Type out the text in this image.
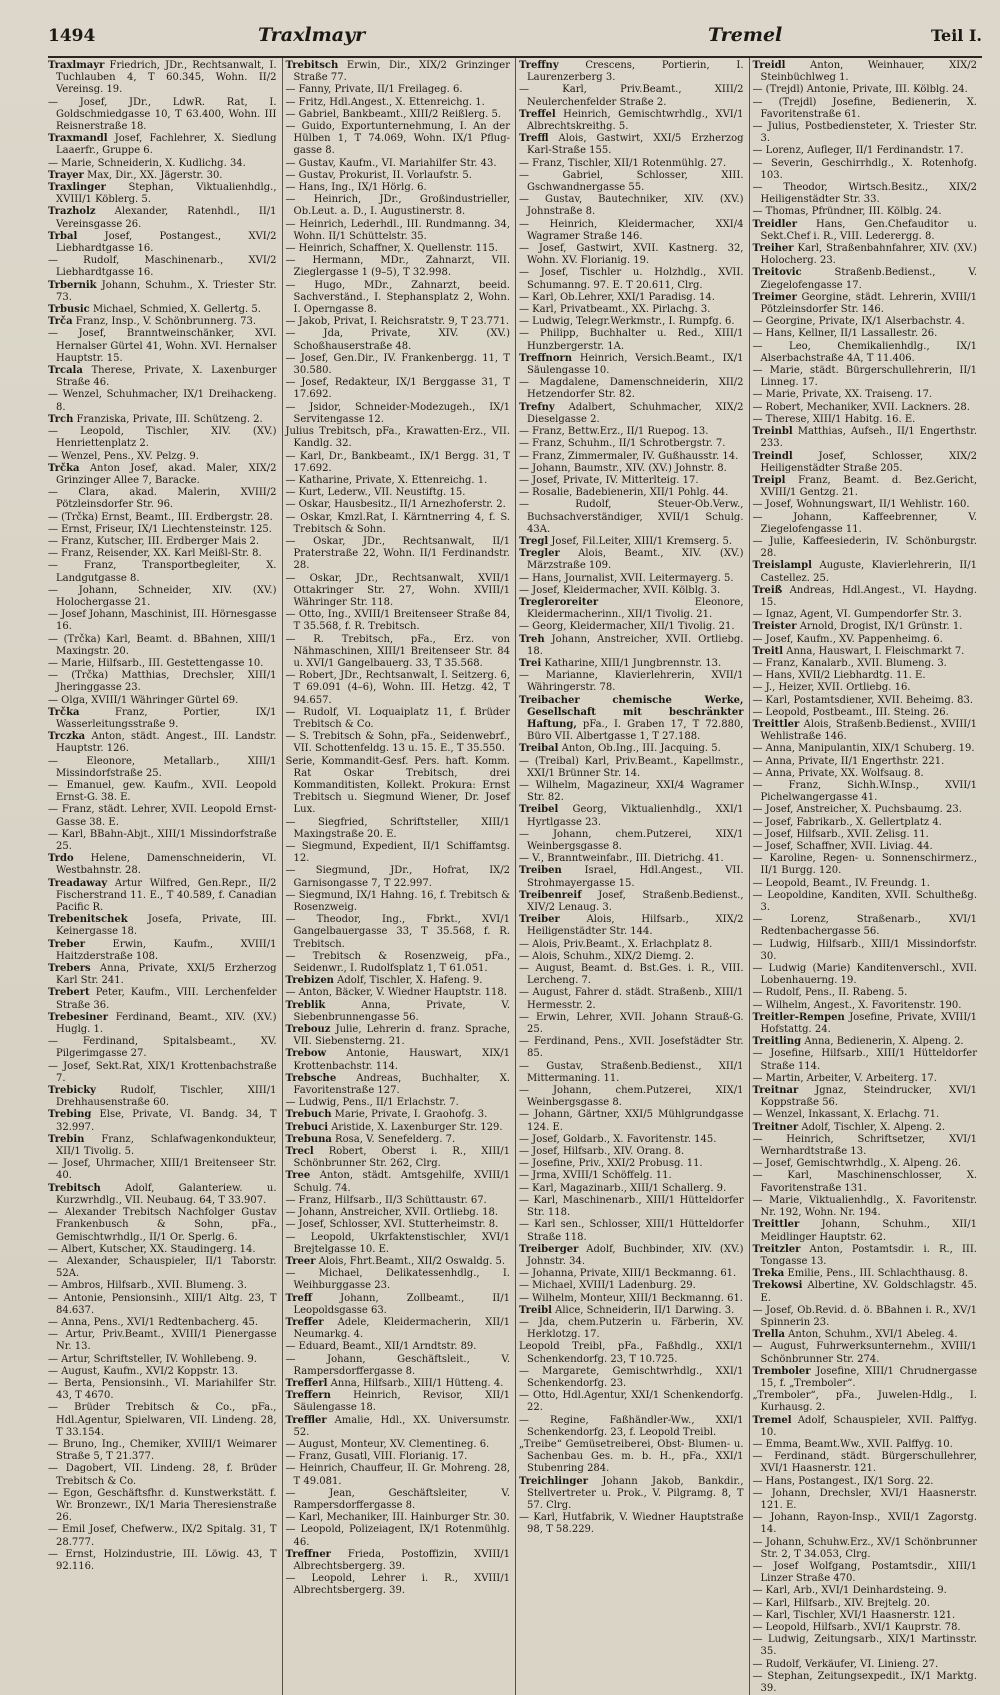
1494	Traxlmayr	Tremel	Teil I.
Traxlmayr Friedrich, JDr., Rechtsanwalt, I. Tuchlauben 4, T 60.345, Wohn. II/2 Vereinsg. 19.
— Josef, JDr., LdwR. Rat, I. Goldschmiedgasse 10, T 63.400, Wohn. III Reisnerstraße 18.
Traxmandl Josef, Fachlehrer, X. Siedlung Laaerfr., Gruppe 6.
— Marie, Schneiderin, X. Kudlichg. 34.
Trayer Max, Dir., XX. Jägerstr. 30.
Traxlinger Stephan, Viktualienhdlg., XVIII/1 Köblerg. 5.
Trazholz Alexander, Ratenhdl., II/1 Vereinsgasse 26.
Trbal	Josef, Postangest., XVI/2 Liebhardtgasse 16.
— Rudolf, Maschinenarb., XVI/2 Liebhardtgasse 16.
Trbernik Johann, Schuhm., X. Triester Str. 73.
Trbusic Michael, Schmied, X. Gellertg. 5.
Trča Franz, Insp., V. Schönbrunnerg. 73.
— Josef, Branntweinschänker, XVI. Hernalser Gürtel 41, Wohn. XVI. Hernalser Hauptstr. 15.
Trcala Therese, Private, X. Laxenburger Straße 46.
— Wenzel, Schuhmacher, IX/1 Dreihackeng. 8.
Trch Franziska, Private, III. Schützeng. 2.
— Leopold, Tischler, XIV. (XV.) Henriettenplatz 2.
— Wenzel, Pens., XV. Pelzg. 9.
Trčka Anton Josef, akad. Maler, XIX/2 Grinzinger Allee 7, Baracke.
— Clara, akad. Malerin, XVIII/2 Pötzleinsdorfer Str. 96.
— (Trčka) Ernst, Beamt., III. Erdbergstr. 28.
— Ernst, Friseur, IX/1 Liechtensteinstr. 125.
— Franz, Kutscher, III. Erdberger Mais 2.
— Franz, Reisender, XX. Karl Meißl-Str. 8.
— Franz, Transportbegleiter, X. Landgutgasse 8.
— Johann, Schneider, XIV. (XV.) Holochergasse 21.
— Josef Johann, Maschinist, III. Hörnesgasse 16.
— (Trčka) Karl, Beamt. d. BBahnen, XIII/1 Maxingstr. 20.
— Marie, Hilfsarb., III. Gestettengasse 10.
— (Trčka) Matthias, Drechsler, XIII/1 Jheringgasse 23.
— Olga, XVIII/1 Währinger Gürtel 69.
Trčka	Franz, Portier, IX/1 Wasserleitungsstraße 9.
Trczka Anton, städt. Angest., III. Landstr. Hauptstr. 126.
— Eleonore, Metallarb., XIII/1 Missindorfstraße 25.
— Emanuel, gew. Kaufm., XVII. Leopold Ernst-G. 38. E.
— Franz, städt. Lehrer, XVII. Leopold Ernst-Gasse 38. E.
— Karl, BBahn-Abjt., XIII/1 Missindorfstraße 25.
Trdo Helene, Damenschneiderin, VI. Westbahnstr. 28.
Treadaway Artur Wilfred, Gen.Repr., II/2 Fischerstrand 11. E., T 40.589, f. Canadian Pacific R.
Trebenitschek Josefa, Private, III. Keinergasse 18.
Treber	Erwin, Kaufm., XVIII/1 Haitzderstraße 108.
Trebers Anna, Private, XXI/5 Erzherzog Karl Str. 241.
Trebert Peter, Kaufm., VIII. Lerchenfelder Straße 36.
Trebesiner Ferdinand, Beamt., XIV. (XV.) Huglg. 1.
— Ferdinand, Spitalsbeamt., XV. Pilgerimgasse 27.
— Josef, Sekt.Rat, XIX/1 Krottenbachstraße 7.
Trebicky Rudolf, Tischler, XIII/1 Drehhausenstraße 60.
Trebing Else, Private, VI. Bandg. 34, T 32.997.
Trebin Franz, Schlafwagenkondukteur, XII/1 Tivolig. 5.
— Josef, Uhrmacher, XIII/1 Breitenseer Str. 40.
Trebitsch Adolf, Galanteriew. u. Kurzwrhdlg., VII. Neubaug. 64, T 33.907.
— Alexander Trebitsch Nachfolger Gustav Frankenbusch & Sohn, pFa., Gemischtwrhdlg., II/1 Or. Sperlg. 6.
— Albert, Kutscher, XX. Staudingerg. 14.
— Alexander, Schauspieler, II/1 Taborstr. 52A.
— Ambros, Hilfsarb., XVII. Blumeng. 3.
— Antonie, Pensionsinh., XIII/1 Altg. 23, T 84.637.
— Anna, Pens., XVI/1 Redtenbacherg. 45.
— Artur, Priv.Beamt., XVIII/1 Pienergasse Nr. 13.
— Artur, Schriftsteller, IV. Wohllebeng. 9.
— August, Kaufm., XVI/2 Koppstr. 13.
— Berta, Pensionsinh., VI. Mariahilfer Str. 43, T 4670.
— Brüder Trebitsch & Co., pFa., Hdl.Agentur, Spielwaren, VII. Lindeng. 28, T 33.154.
— Bruno, Ing., Chemiker, XVIII/1 Weimarer Straße 5, T 21.377.
— Dagobert, VII. Lindeng. 28, f. Brüder Trebitsch & Co.
— Egon, Geschäftsfhr. d. Kunstwerkstätt. f. Wr. Bronzewr., IX/1 Maria Theresienstraße 26.
— Emil Josef, Chefwerw., IX/2 Spitalg. 31, T 28.777.
— Ernst, Holzindustrie, III. Löwig. 43, T 92.116.
Trebitsch Erwin, Dir., XIX/2 Grinzinger Straße 77.
— Fanny, Private, II/1 Freilageg. 6.
— Fritz, Hdl.Angest., X. Ettenreichg. 1.
— Gabriel, Bankbeamt., XIII/2 Reißlerg. 5.
— Guido, Exportunternehmung, I. An der Hülben 1, T 74.069, Wohn. IX/1 Pflug-gasse 8.
— Gustav, Kaufm., VI. Mariahilfer Str. 43.
— Gustav, Prokurist, II. Vorlaufstr. 5.
— Hans, Ing., IX/1 Hörlg. 6.
— Heinrich, JDr., Großindustrieller, Ob.Leut. a. D., I. Augustinerstr. 8.
— Heinrich, Lederhdl., III. Rundmanng. 34, Wohn. II/1 Schüttelstr. 35.
— Heinrich, Schaffner, X. Quellenstr. 115.
— Hermann, MDr., Zahnarzt, VII. Zieglergasse 1 (9–5), T 32.998.
— Hugo, MDr., Zahnarzt, beeid. Sachverständ., I. Stephansplatz 2, Wohn. I. Operngasse 8.
— Jakob, Privat, I. Reichsratstr. 9, T 23.771.
— Jda, Private, XIV. (XV.) Schoßhauserstraße 48.
— Josef, Gen.Dir., IV. Frankenbergg. 11, T 30.580.
— Josef, Redakteur, IX/1 Berggasse 31, T 17.692.
— Jsidor, Schneider-Modezugeh., IX/1 Servitengasse 12.
Julius Trebitsch, pFa., Krawatten-Erz., VII. Kandlg. 32.
— Karl, Dr., Bankbeamt., IX/1 Bergg. 31, T 17.692.
— Katharine, Private, X. Ettenreichg. 1.
— Kurt, Lederw., VII. Neustiftg. 15.
— Oskar, Hausbesitz., II/1 Arnezhoferstr. 2.
— Oskar, Kmzl.Rat, I. Kärntnerring 4, f. S. Trebitsch & Sohn.
— Oskar, JDr., Rechtsanwalt, II/1 Praterstraße 22, Wohn. II/1 Ferdinandstr. 28.
— Oskar, JDr., Rechtsanwalt, XVII/1 Ottakringer Str. 27, Wohn. XVIII/1 Währinger Str. 118.
— Otto, Ing., XVIII/1 Breitenseer Straße 84, T 35.568, f. R. Trebitsch.
— R. Trebitsch, pFa., Erz. von Nähmaschinen, XIII/1 Breitenseer Str. 84 u. XVI/1 Gangelbauerg. 33, T 35.568.
— Robert, JDr., Rechtsanwalt, I. Seitzerg. 6, T 69.091 (4–6), Wohn. III. Hetzg. 42, T 94.657.
— Rudolf, VI. Loquaiplatz 11, f. Brüder Trebitsch & Co.
— S. Trebitsch & Sohn, pFa., Seidenwebrf., VII. Schottenfeldg. 13 u. 15. E., T 35.550.
Serie, Kommandit-Gesf. Pers. haft. Komm. Rat Oskar Trebitsch, drei Kommanditisten, Kollekt. Prokura: Ernst Trebitsch u. Siegmund Wiener, Dr. Josef Lux.
— Siegfried, Schriftsteller, XIII/1 Maxingstraße 20. E.
— Siegmund, Expedient, II/1 Schiffamtsg. 12.
— Siegmund, JDr., Hofrat, IX/2 Garnisongasse 7, T 22.997.
— Siegmund, IX/1 Hahng. 16, f. Trebitsch & Rosenzweig.
— Theodor, Ing., Fbrkt., XVI/1 Gangelbauergasse 33, T 35.568, f. R. Trebitsch.
— Trebitsch & Rosenzweig, pFa., Seidenwr., I. Rudolfsplatz 1, T 61.051.
Trebizen Adolf, Tischler, X. Hafeng. 9.
— Anton, Bäcker, V. Wiedner Hauptstr. 118.
Treblik	Anna, Private, V. Siebenbrunnengasse 56.
Trebouz Julie, Lehrerin d. franz. Sprache, VII. Siebensterng. 21.
Trebow Antonie, Hauswart, XIX/1 Krottenbachstr. 114.
Trebsche Andreas, Buchhalter, X. Favoritenstraße 127.
— Ludwig, Pens., II/1 Erlachstr. 7.
Trebuch Marie, Private, I. Graohofg. 3.
Trebuci Aristide, X. Laxenburger Str. 129.
Trebuna Rosa, V. Senefelderg. 7.
Trecl Robert, Oberst i. R., XIII/1 Schönbrunner Str. 262, Clrg.
Tree Anton, städt. Amtsgehilfe, XVIII/1 Schulg. 74.
— Franz, Hilfsarb., II/3 Schüttaustr. 67.
— Johann, Anstreicher, XVII. Ortliebg. 18.
— Josef, Schlosser, XVI. Stutterheimstr. 8.
— Leopold, Ukrfaktenstischler, XVI/1 Brejtelgasse 10. E.
Treer Alois, Fhrt.Beamt., XII/2 Oswaldg. 5.
— Michael, Delikatessenhdlg., I. Weihburggasse 23.
Treff	Johann, Zollbeamt., II/1 Leopoldsgasse 63.
Treffer Adele, Kleidermacherin, XII/1 Neumarkg. 4.
— Eduard, Beamt., XII/1 Arndtstr. 89.
— Johann, Geschäftsleit., V. Rampersdorffergasse 8.
Trefferl Anna, Hilfsarb., XIII/1 Hütteng. 4.
Treffern Heinrich, Revisor, XII/1 Säulengasse 18.
Treffler Amalie, Hdl., XX. Universumstr. 52.
— August, Monteur, XV. Clementineg. 6.
— Franz, Gusatl, VIII. Florianig. 17.
— Heinrich, Chauffeur, II. Gr. Mohreng. 28, T 49.081.
— Jean, Geschäftsleiter, V. Rampersdorffergasse 8.
— Karl, Mechaniker, III. Hainburger Str. 30.
— Leopold, Polizeiagent, IX/1 Rotenmühlg. 46.
Treffner Frieda, Postoffizin, XVIII/1 Albrechtsbergerg. 39.
— Leopold, Lehrer i. R., XVIII/1 Albrechtsbergerg. 39.
Treffny	Crescens, Portierin, I. Laurenzerberg 3.
— Karl, Priv.Beamt., XIII/2 Neulerchenfelder Straße 2.
Treffel Heinrich, Gemischtwrhdlg., XVI/1 Albrechtskreithg. 5.
Treffl Alois, Gastwirt, XXI/5 Erzherzog Karl-Straße 155.
— Franz, Tischler, XII/1 Rotenmühlg. 27.
— Gabriel, Schlosser, XIII. Gschwandnergasse 55.
— Gustav, Bautechniker, XIV. (XV.) Johnstraße 8.
— Heinrich, Kleidermacher, XXI/4 Wagramer Straße 146.
— Josef, Gastwirt, XVII. Kastnerg. 32, Wohn. XV. Florianig. 19.
— Josef, Tischler u. Holzhdlg., XVII. Schumanng. 97. E. T 20.611, Clrg.
— Karl, Ob.Lehrer, XXI/1 Paradisg. 14.
— Karl, Privatbeamt., XX. Pirlachg. 3.
— Ludwig, Telegr.Werkmstr., I. Rumpfg. 6.
— Philipp, Buchhalter u. Red., XIII/1 Hunzbergerstr. 1A.
Treffnorn Heinrich, Versich.Beamt., IX/1 Säulengasse 10.
— Magdalene, Damenschneiderin, XII/2 Hetzendorfer Str. 82.
Trefny Adalbert, Schuhmacher, XIX/2 Dieselgasse 2.
— Franz, Bettw.Erz., II/1 Ruepog. 13.
— Franz, Schuhm., II/1 Schrotbergstr. 7.
— Franz, Zimmermaler, IV. Gußhausstr. 14.
— Johann, Baumstr., XIV. (XV.) Johnstr. 8.
— Josef, Private, IV. Mitterlteig. 17.
— Rosalie, Badebienerin, XII/1 Pohlg. 44.
— Rudolf, Steuer-Ob.Verw., Buchsachverständiger, XVII/1 Schulg. 43A.
Tregl Josef, Fil.Leiter, XIII/1 Kremserg. 5.
Tregler Alois, Beamt., XIV. (XV.) Märzstraße 109.
— Hans, Journalist, XVII. Leitermayerg. 5.
— Josef, Kleidermacher, XVII. Kölblg. 3.
Tregleroreiter	Eleonore, Kleidermacherinn., XII/1 Tivolig. 21.
— Georg, Kleidermacher, XII/1 Tivolig. 21.
Treh Johann, Anstreicher, XVII. Ortliebg. 18.
Trei Katharine, XIII/1 Jungbrennstr. 13.
— Marianne, Klavierlehrerin, XVII/1 Währingerstr. 78.
Treibacher chemische Werke, Gesellschaft mit beschränkter Haftung, pFa., I. Graben 17, T 72.880, Büro VII. Albertgasse 1, T 27.188.
Treibal Anton, Ob.Ing., III. Jacquing. 5.
— (Treibal) Karl, Priv.Beamt., Kapellmstr., XXI/1 Brünner Str. 14.
— Wilhelm, Magazineur, XXI/4 Wagramer Str. 82.
Treibel Georg, Viktualienhdlg., XXI/1 Hyrtlgasse 23.
— Johann, chem.Putzerei, XIX/1 Weinbergsgasse 8.
— V., Branntweinfabr., III. Dietrichg. 41.
Treiben Israel, Hdl.Angest., VII. Strohmayergasse 15.
Treibenreif Josef, Straßenb.Bedienst., XIV/2 Lenaug. 3.
Treiber	Alois, Hilfsarb., XIX/2 Heiligenstädter Str. 144.
— Alois, Priv.Beamt., X. Erlachplatz 8.
— Alois, Schuhm., XIX/2 Diemg. 2.
— August, Beamt. d. Bst.Ges. i. R., VIII. Lercheng. 7.
— August, Fahrer d. städt. Straßenb., XIII/1 Hermesstr. 2.
— Erwin, Lehrer, XVII. Johann Strauß-G. 25.
— Ferdinand, Pens., XVII. Josefstädter Str. 85.
— Gustav, Straßenb.Bedienst., XII/1 Mittermaning. 11.
— Johann, chem.Putzerei, XIX/1 Weinbergsgasse 8.
— Johann, Gärtner, XXI/5 Mühlgrundgasse 124. E.
— Josef, Goldarb., X. Favoritenstr. 145.
— Josef, Hilfsarb., XIV. Orang. 8.
— Josefine, Priv., XXI/2 Probusg. 11.
— Jrma, XVIII/1 Schöffelg. 11.
— Karl, Magazinarb., XIII/1 Schallerg. 9.
— Karl, Maschinenarb., XIII/1 Hütteldorfer Str. 118.
— Karl sen., Schlosser, XIII/1 Hütteldorfer Straße 118.
Treiberger Adolf, Buchbinder, XIV. (XV.) Johnstr. 34.
— Johanna, Private, XIII/1 Beckmanng. 61.
— Michael, XVIII/1 Ladenburg. 29.
— Wilhelm, Monteur, XIII/1 Beckmanng. 61.
Treibl Alice, Schneiderin, II/1 Darwing. 3.
— Jda, chem.Putzerin u. Färberin, XV. Herklotzg. 17.
Leopold Treibl, pFa., Faßhdlg., XXI/1 Schenkendorfg. 23, T 10.725.
— Margarete, Gemischtwrhdlg., XXI/1 Schenkendorfg. 23.
— Otto, Hdl.Agentur, XXI/1 Schenkendorfg. 22.
— Regine, Faßhändler-Ww., XXI/1 Schenkendorfg. 23, f. Leopold Treibl.
„Treibe“ Gemüsetreiberei, Obst- Blumen- u. Sachenbau Ges. m. b. H., pFa., XXI/1 Stubenring 284.
Treichlinger Johann Jakob, Bankdir., Stellvertreter u. Prok., V. Pilgramg. 8, T 57. Clrg.
— Karl, Hutfabrik, V. Wiedner Hauptstraße 98, T 58.229.
Treidl Anton, Weinhauer, XIX/2 Steinbüchlweg 1.
— (Trejdl) Antonie, Private, III. Kölblg. 24.
— (Trejdl) Josefine, Bedienerin, X. Favoritenstraße 61.
— Julius, Postbediensteter, X. Triester Str. 3.
— Lorenz, Aufleger, II/1 Ferdinandstr. 17.
— Severin, Geschirrhdlg., X. Rotenhofg. 103.
— Theodor, Wirtsch.Besitz., XIX/2 Heiligenstädter Str. 33.
— Thomas, Pfründner, III. Kölblg. 24.
Treidler Hans, Gen.Chefauditor u. Sekt.Chef i. R., VIII. Lederergg. 8.
Treiher Karl, Straßenbahnfahrer, XIV. (XV.) Holocherg. 23.
Treitovic	Straßenb.Bedienst., V. Ziegelofengasse 17.
Treimer Georgine, städt. Lehrerin, XVIII/1 Pötzleinsdorfer Str. 146.
— Georgine, Private, IX/1 Alserbachstr. 4.
— Hans, Kellner, II/1 Lassallestr. 26.
— Leo, Chemikalienhdlg., IX/1 Alserbachstraße 4A, T 11.406.
— Marie, städt. Bürgerschullehrerin, II/1 Linneg. 17.
— Marie, Private, XX. Traiseng. 17.
— Robert, Mechaniker, XVII. Lackners. 28.
— Therese, XIII/1 Habitg. 16. E.
Treinbl Matthias, Aufseh., II/1 Engerthstr. 233.
Treindl	Josef, Schlosser, XIX/2 Heiligenstädter Straße 205.
Treipl Franz, Beamt. d. Bez.Gericht, XVIII/1 Gentzg. 21.
— Josef, Wohnungswart, II/1 Wehlistr. 160.
— Johann, Kaffeebrenner, V. Ziegelofengasse 11.
— Julie, Kaffeesiederin, IV. Schönburgstr. 28.
Treislampl Auguste, Klavierlehrerin, II/1 Castellez. 25.
Treiß Andreas, Hdl.Angest., VI. Haydng. 15.
— Ignaz, Agent, VI. Gumpendorfer Str. 3.
Treister Arnold, Drogist, IX/1 Grünstr. 1.
— Josef, Kaufm., XV. Pappenheimg. 6.
Treitl Anna, Hauswart, I. Fleischmarkt 7.
— Franz, Kanalarb., XVII. Blumeng. 3.
— Hans, XVII/2 Liebhardtg. 11. E.
— J., Heizer, XVII. Ortliebg. 16.
— Karl, Postamtsdiener, XVII. Beheimg. 83.
— Leopold, Postbeamt., III. Steing. 26.
Treittler Alois, Straßenb.Bedienst., XVIII/1 Wehlistraße 146.
— Anna, Manipulantin, XIX/1 Schuberg. 19.
— Anna, Private, II/1 Engerthstr. 221.
— Anna, Private, XX. Wolfsaug. 8.
— Franz, Sichh.W.Insp., XVII/1 Pichelwangergasse 41.
— Josef, Anstreicher, X. Puchsbaumg. 23.
— Josef, Fabrikarb., X. Gellertplatz 4.
— Josef, Hilfsarb., XVII. Zelisg. 11.
— Josef, Schaffner, XVII. Liviag. 44.
— Karoline, Regen- u. Sonnenschirmerz., II/1 Burgg. 120.
— Leopold, Beamt., IV. Freundg. 1.
— Leopoldine, Kanditen, XVII. Schultheßg. 3.
— Lorenz, Straßenarb., XVI/1 Redtenbachergasse 56.
— Ludwig, Hilfsarb., XIII/1 Missindorfstr. 30.
— Ludwig (Marie) Kanditenverschl., XVII. Lobenhauerng. 19.
— Rudolf, Pens., II. Rabeng. 5.
— Wilhelm, Angest., X. Favoritenstr. 190.
Treitler-Rempen Josefine, Private, XVIII/1 Hofstattg. 24.
Treitling Anna, Bedienerin, X. Alpeng. 2.
— Josefine, Hilfsarb., XIII/1 Hütteldorfer Straße 114.
— Martin, Arbeiter, V. Arbeiterg. 17.
Treitnar Jgnaz, Steindrucker, XVI/1 Koppstraße 56.
— Wenzel, Inkassant, X. Erlachg. 71.
Treitner Adolf, Tischler, X. Alpeng. 2.
— Heinrich, Schriftsetzer, XVI/1 Wernhardtstraße 13.
— Josef, Gemischtwrhdlg., X. Alpeng. 26.
— Karl, Maschinenschlosser, X. Favoritenstraße 131.
— Marie, Viktualienhdlg., X. Favoritenstr. Nr. 192, Wohn. Nr. 194.
Treittler Johann, Schuhm., XII/1 Meidlinger Hauptstr. 62.
Treitzler Anton, Postamtsdir. i. R., III. Tongasse 13.
Treka Emilie, Pens., III. Schlachthausg. 8.
Trekowsi Albertine, XV. Goldschlagstr. 45. E.
— Josef, Ob.Revid. d. ö. BBahnen i. R., XV/1 Spinnerin 23.
Trella Anton, Schuhm., XVI/1 Abeleg. 4.
— August, Fuhrwerksunternehm., XVIII/1 Schönbrunner Str. 274.
Tremboler Josefine, XIII/1 Chrudnergasse 15, f. „Tremboler“.
„Tremboler“, pFa., Juwelen-Hdlg., I. Kurhausg. 2.
Tremel Adolf, Schauspieler, XVII. Palffyg. 10.
— Emma, Beamt.Ww., XVII. Palffyg. 10.
— Ferdinand, städt. Bürgerschullehrer, XVI/1 Haasnerstr. 121.
— Hans, Postangest., IX/1 Sorg. 22.
— Johann, Drechsler, XVI/1 Haasnerstr. 121. E.
— Johann, Rayon-Insp., XVII/1 Zagorstg. 14.
— Johann, Schuhw.Erz., XV/1 Schönbrunner Str. 2, T 34.053, Clrg.
— Josef Wolfgang, Postamtsdir., XIII/1 Linzer Straße 470.
— Karl, Arb., XVI/1 Deinhardsteing. 9.
— Karl, Hilfsarb., XIV. Brejtelg. 20.
— Karl, Tischler, XVI/1 Haasnerstr. 121.
— Leopold, Hilfsarb., XVI/1 Kauprstr. 78.
— Ludwig, Zeitungsarb., XIX/1 Martinsstr. 35.
— Rudolf, Verkäufer, VI. Linieng. 27.
— Stephan, Zeitungsexpedit., IX/1 Marktg. 39.
